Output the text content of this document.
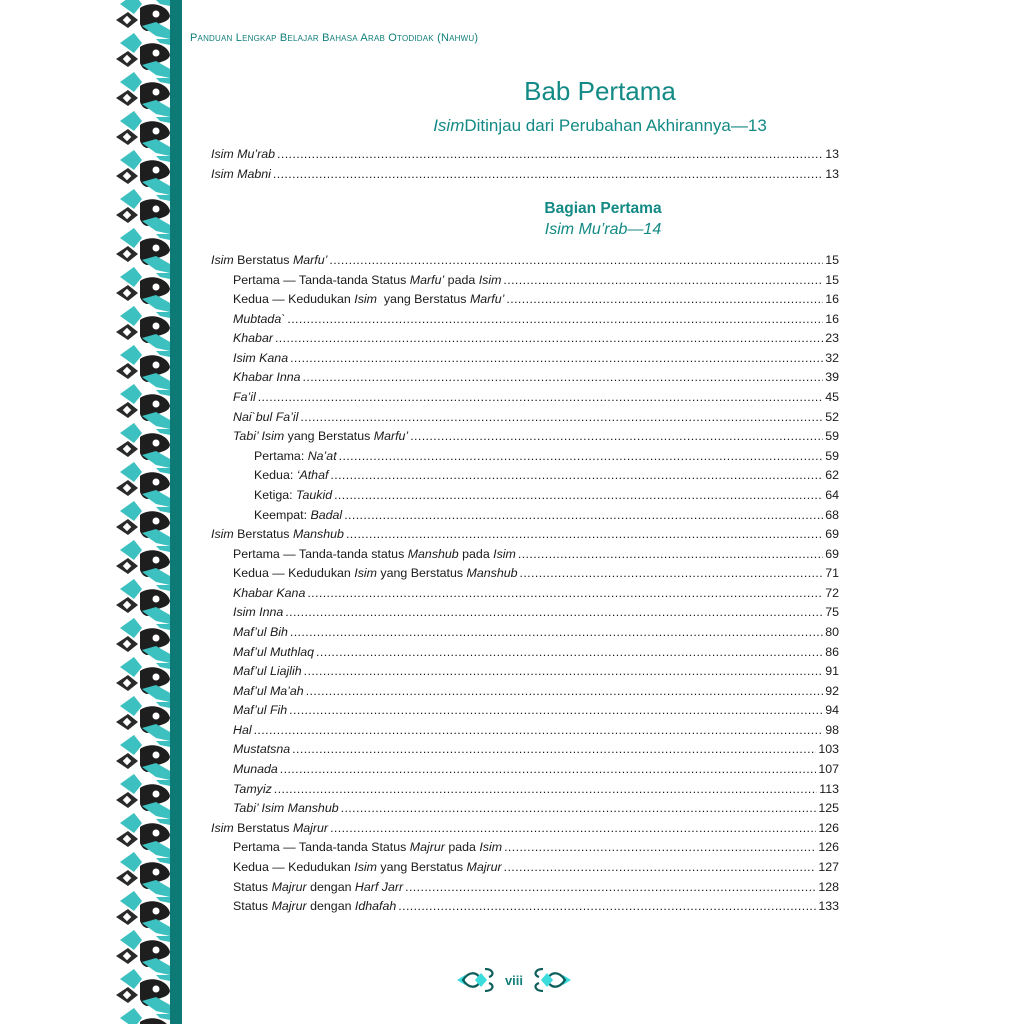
Panduan Lengkap Belajar Bahasa Arab Otodidak (Nahwu)
Bab Pertama
IsimDitinjau dari Perubahan Akhirannya—13
Isim Mu’rab .....	13
Isim Mabni .....	13
Bagian Pertama
Isim Mu’rab—14
Isim Berstatus Marfu’ .....	15
Pertama — Tanda-tanda Status Marfu’ pada Isim .....	15
Kedua — Kedudukan Isim  yang Berstatus Marfu’ .....	16
Mubtada` .....	16
Khabar .....	23
Isim Kana .....	32
Khabar Inna .....	39
Fa’il .....	45
Nai`bul Fa’il .....	52
Tabi’ Isim yang Berstatus Marfu’ .....	59
Pertama: Na’at .....	59
Kedua: ‘Athaf .....	62
Ketiga: Taukid .....	64
Keempat: Badal .....	68
Isim Berstatus Manshub .....	69
Pertama — Tanda-tanda status Manshub pada Isim .....	69
Kedua — Kedudukan Isim yang Berstatus Manshub .....	71
Khabar Kana .....	72
Isim Inna .....	75
Maf’ul Bih .....	80
Maf’ul Muthlaq .....	86
Maf’ul Liajlih .....	91
Maf’ul Ma’ah .....	92
Maf’ul Fih .....	94
Hal .....	98
Mustatsna .....	103
Munada .....	107
Tamyiz .....	113
Tabi’ Isim Manshub .....	125
Isim Berstatus Majrur .....	126
Pertama — Tanda-tanda Status Majrur pada Isim .....	126
Kedua — Kedudukan Isim yang Berstatus Majrur .....	127
Status Majrur dengan Harf Jarr .....	128
Status Majrur dengan Idhafah .....	133
viii
